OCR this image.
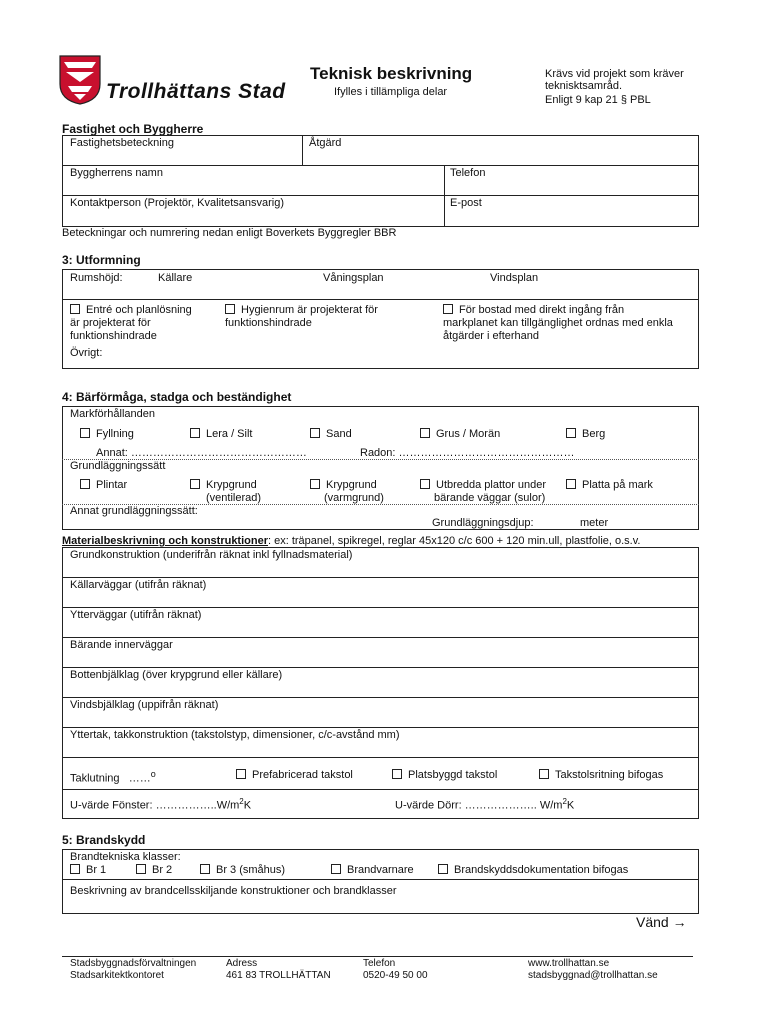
Trollhättans Stad
Teknisk beskrivning
Ifylles i tillämpliga delar
Krävs vid projekt som kräver
teknisktsamråd.
Enligt 9 kap 21 § PBL
Fastighet och Byggherre
Fastighetsbeteckning	Åtgärd
Byggherrens namn	Telefon
Kontaktperson (Projektör, Kvalitetsansvarig)	E-post
Beteckningar och numrering nedan enligt Boverkets Byggregler BBR
3: Utformning
Rumshöjd:	Källare	Våningsplan	Vindsplan
Entré och planlösning
är projekterat för
funktionshindrade
Hygienrum är projekterat för
funktionshindrade
För bostad med direkt ingång från
markplanet kan tillgänglighet ordnas med enkla
åtgärder i efterhand
Övrigt:
4: Bärförmåga, stadga och beständighet
Markförhållanden
Fyllning	Lera / Silt	Sand	Grus / Morän	Berg
Annat: …………………………………………	Radon: …………………………………………
Grundläggningssätt
Plintar	Krypgrund
(ventilerad)
Krypgrund
(varmgrund)
Utbredda plattor under
bärande väggar (sulor)
Platta på mark
Annat grundläggningssätt:
Grundläggningsdjup:	meter
Materialbeskrivning och konstruktioner: ex: träpanel, spikregel, reglar 45x120 c/c 600 + 120 min.ull, plastfolie, o.s.v.
Grundkonstruktion (underifrån räknat inkl fyllnadsmaterial)
Källarväggar (utifrån räknat)
Ytterväggar (utifrån räknat)
Bärande innerväggar
Bottenbjälklag (över krypgrund eller källare)
Vindsbjälklag (uppifrån räknat)
Yttertak, takkonstruktion (takstolstyp, dimensioner, c/c-avstånd mm)
Taklutning ……$^o$	Prefabricerad takstol	Platsbyggd takstol	Takstolsritning bifogas
U-värde Fönster: $\dots\dots\dots\dots\dots..W/m^2K$	U-värde Dörr: ……………….. $W/m^2K$
5: Brandskydd
Brandtekniska klasser:
Br 1	Br 2	Br 3 (småhus)	Brandvarnare	Brandskyddsdokumentation bifogas
Beskrivning av brandcellsskiljande konstruktioner och brandklasser
Vänd →
Stadsbyggnadsförvaltningen
Stadsarkitektkontoret
Adress
461 83 TROLLHÄTTAN
Telefon
0520-49 50 00
www.trollhattan.se
stadsbyggnad@trollhattan.se
